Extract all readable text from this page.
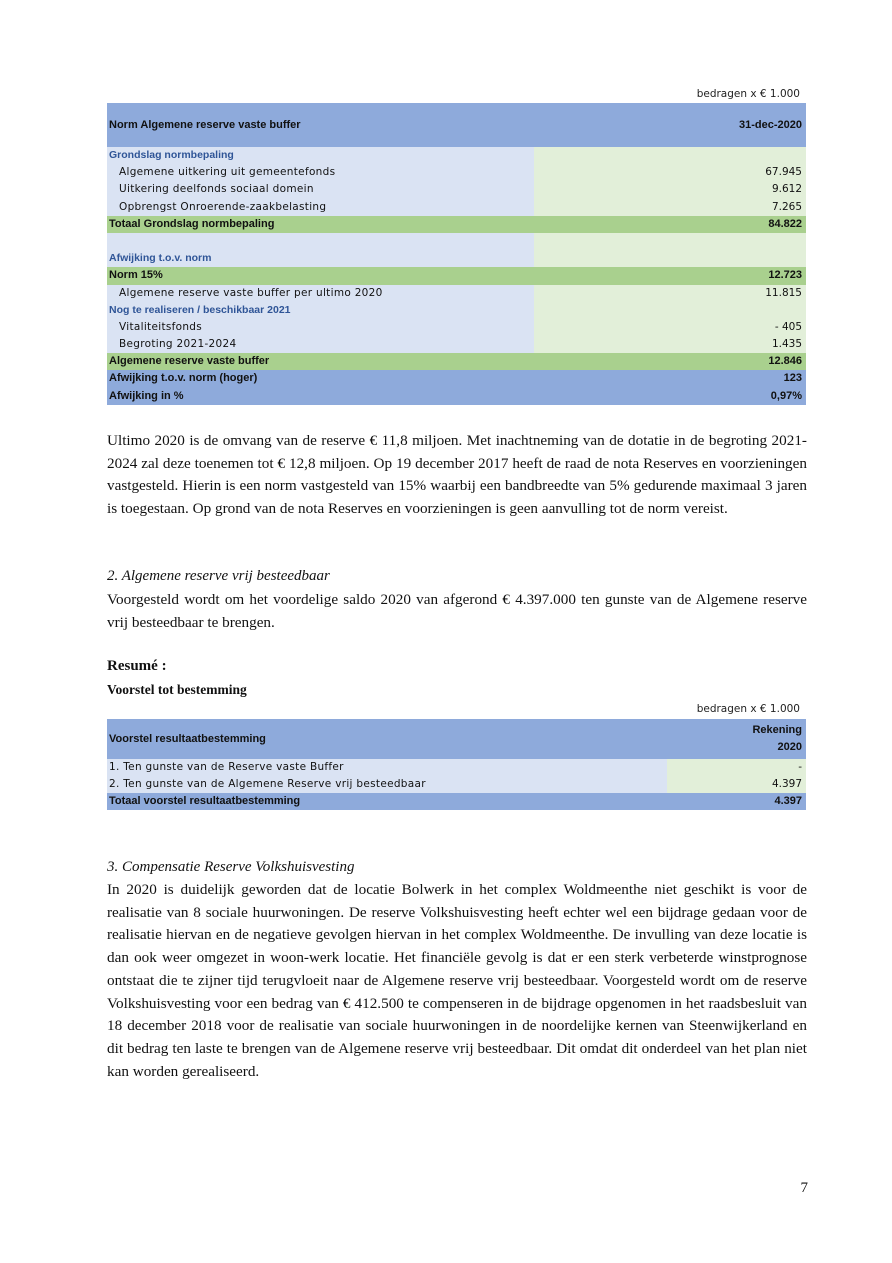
bedragen x € 1.000
Norm Algemene reserve vaste buffer	31-dec-2020
Grondslag normbepaling
Algemene uitkering uit gemeentefonds	67.945
Uitkering deelfonds sociaal domein	9.612
Opbrengst Onroerende-zaakbelasting	7.265
Totaal Grondslag normbepaling	84.822
Afwijking t.o.v. norm
Norm 15%	12.723
Algemene reserve vaste buffer per ultimo 2020	11.815
Nog te realiseren / beschikbaar 2021
Vitaliteitsfonds	- 405
Begroting 2021-2024	1.435
Algemene reserve vaste buffer	12.846
Afwijking t.o.v. norm (hoger)	123
Afwijking in %	0,97%
Ultimo 2020 is de omvang van de reserve € 11,8 miljoen. Met inachtneming van de dotatie in de begroting 2021-2024 zal deze toenemen tot € 12,8 miljoen. Op 19 december 2017 heeft de raad de nota Reserves en voorzieningen vastgesteld. Hierin is een norm vastgesteld van 15% waarbij een bandbreedte van 5% gedurende maximaal 3 jaren is toegestaan. Op grond van de nota Reserves en voorzieningen is geen aanvulling tot de norm vereist.
2. Algemene reserve vrij besteedbaar
Voorgesteld wordt om het voordelige saldo 2020 van afgerond € 4.397.000 ten gunste van de Algemene reserve vrij besteedbaar te brengen.
Resumé :
Voorstel tot bestemming
bedragen x € 1.000
Voorstel resultaatbestemming
Rekening
2020
1. Ten gunste van de Reserve vaste Buffer	-
2. Ten gunste van de Algemene Reserve vrij besteedbaar	4.397
Totaal voorstel resultaatbestemming	4.397
3. Compensatie Reserve Volkshuisvesting
In 2020 is duidelijk geworden dat de locatie Bolwerk in het complex Woldmeenthe niet geschikt is voor de realisatie van 8 sociale huurwoningen. De reserve Volkshuisvesting heeft echter wel een bijdrage gedaan voor de realisatie hiervan en de negatieve gevolgen hiervan in het complex Woldmeenthe. De invulling van deze locatie is dan ook weer omgezet in woon-werk locatie. Het financiële gevolg is dat er een sterk verbeterde winstprognose ontstaat die te zijner tijd terugvloeit naar de Algemene reserve vrij besteedbaar. Voorgesteld wordt om de reserve Volkshuisvesting voor een bedrag van € 412.500 te compenseren in de bijdrage opgenomen in het raadsbesluit van 18 december 2018 voor de realisatie van sociale huurwoningen in de noordelijke kernen van Steenwijkerland en dit bedrag ten laste te brengen van de Algemene reserve vrij besteedbaar. Dit omdat dit onderdeel van het plan niet kan worden gerealiseerd.
7
